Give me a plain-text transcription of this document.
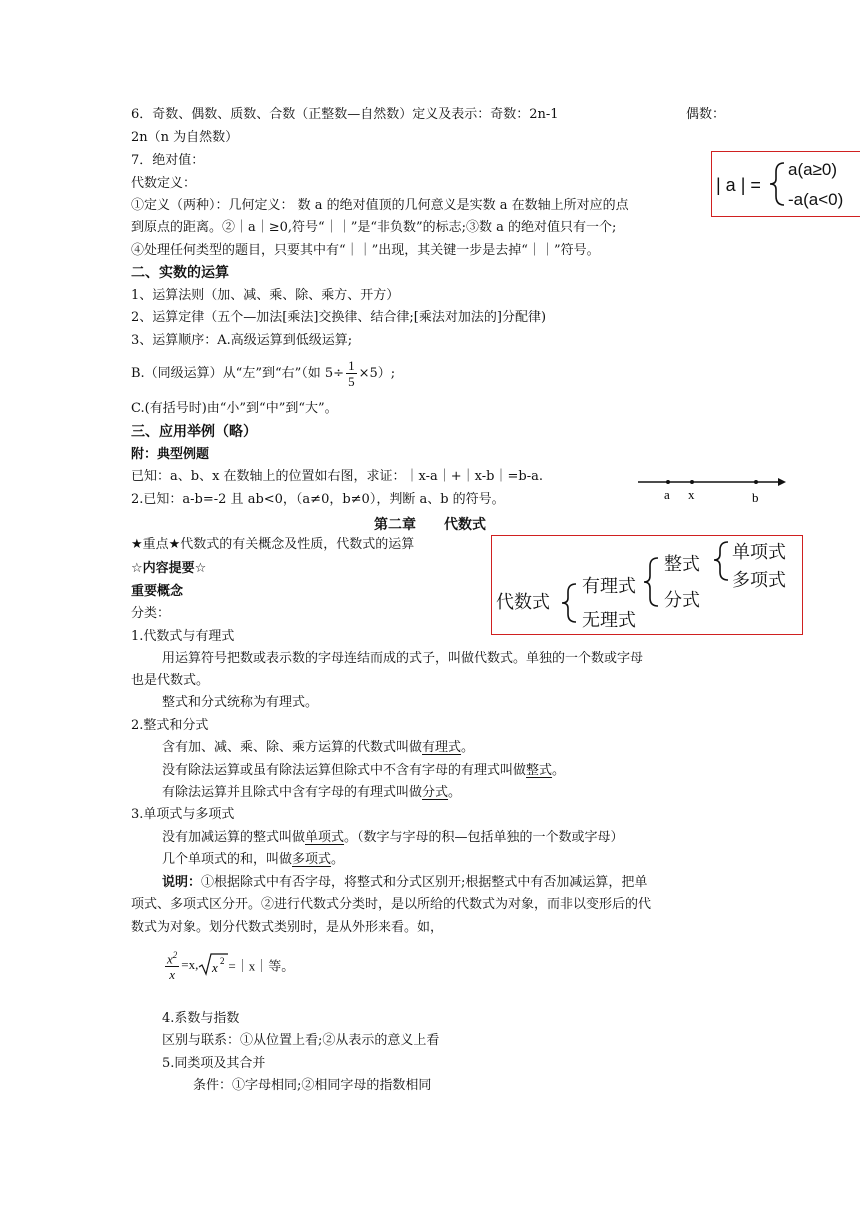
6．奇数、偶数、质数、合数（正整数—自然数）定义及表示：奇数：2n-1	偶数：
2n（n 为自然数）
7．绝对值：
代数定义：
①定义（两种）：几何定义： 数 a 的绝对值顶的几何意义是实数 a 在数轴上所对应的点
到原点的距离。②｜a｜≥0,符号“｜｜”是“非负数”的标志;③数 a 的绝对值只有一个;
④处理任何类型的题目，只要其中有“｜｜”出现，其关键一步是去掉“｜｜”符号。
| a | =
a(a≥0)
-a(a<0)
二、实数的运算
1、运算法则（加、减、乘、除、乘方、开方）
2、运算定律（五个—加法[乘法]交换律、结合律;[乘法对加法的]分配律)
3、运算顺序：A.高级运算到低级运算;
B.（同级运算）从“左”到“右”（如 $5\div \frac{1}{5} \times 5$）;
C.(有括号时)由“小”到“中”到“大”。
三、应用举例（略）
附：典型例题
已知：a、b、x 在数轴上的位置如右图，求证：｜x-a｜+｜x-b｜=b-a.
2.已知：a-b=-2 且 ab<0，（a≠0，b≠0），判断 a、b 的符号。	a x	b
第二章 代数式
★重点★代数式的有关概念及性质，代数式的运算
☆内容提要☆
重要概念
分类：
代数式
有理式
无理式
整式
分式
单项式
多项式
1.代数式与有理式
用运算符号把数或表示数的字母连结而成的式子，叫做代数式。单独的一个数或字母
也是代数式。
整式和分式统称为有理式。
2.整式和分式
含有加、减、乘、除、乘方运算的代数式叫做有理式。
没有除法运算或虽有除法运算但除式中不含有字母的有理式叫做整式。
有除法运算并且除式中含有字母的有理式叫做分式。
3.单项式与多项式
没有加减运算的整式叫做单项式。（数字与字母的积—包括单独的一个数或字母）
几个单项式的和，叫做多项式。
说明：①根据除式中有否字母，将整式和分式区别开;根据整式中有否加减运算，把单
项式、多项式区分开。②进行代数式分类时，是以所给的代数式为对象，而非以变形后的代
数式为对象。划分代数式类别时，是从外形来看。如，
$\frac{x^2}{x} =x$, x 2 =｜x｜等。
4.系数与指数
区别与联系：①从位置上看;②从表示的意义上看
5.同类项及其合并
条件：①字母相同;②相同字母的指数相同
